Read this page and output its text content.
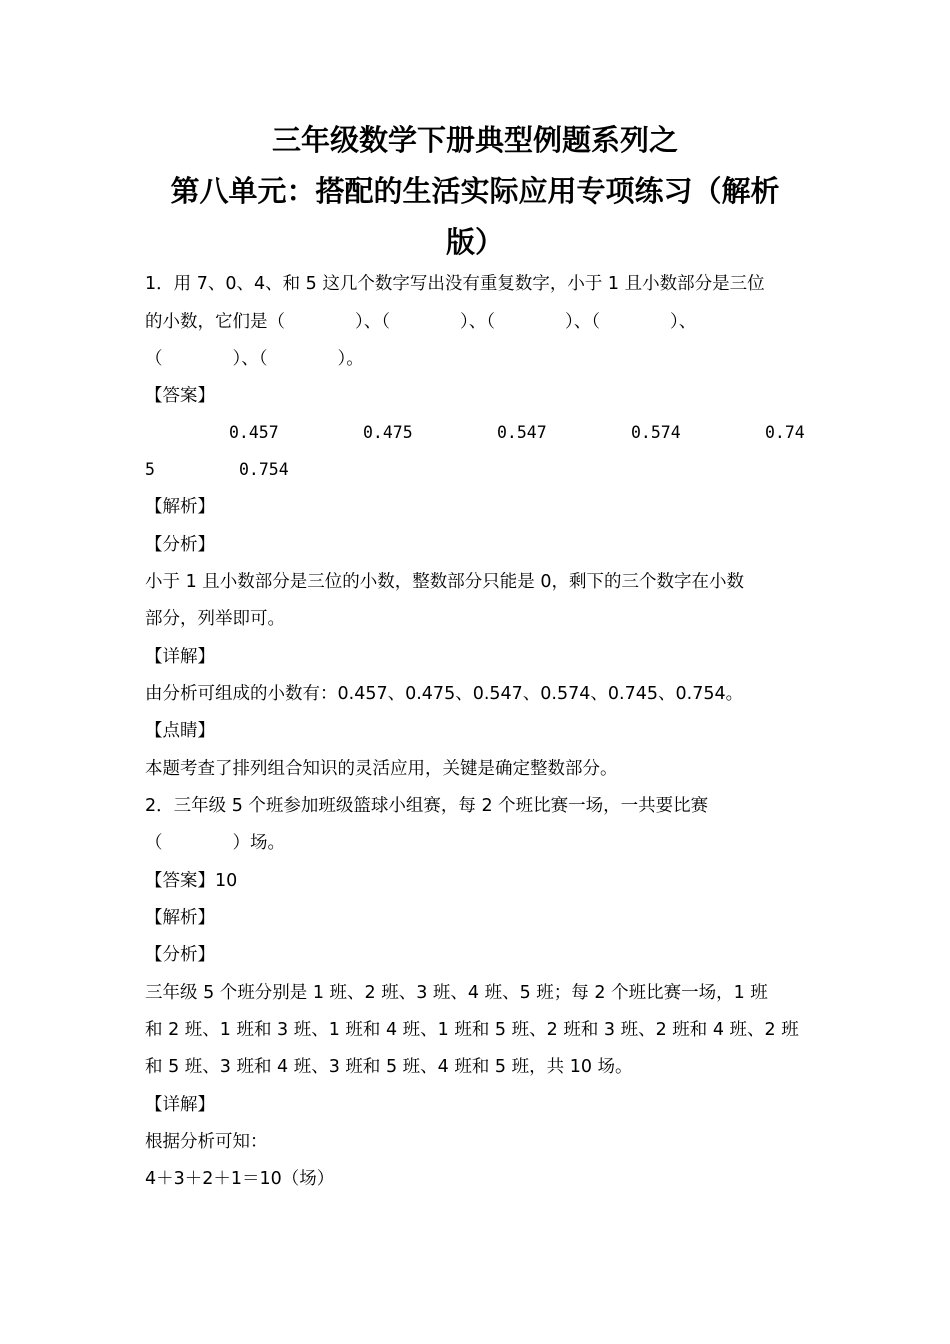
三年级数学下册典型例题系列之
第八单元：搭配的生活实际应用专项练习（解析
版）
1．用 7、0、4、和 5 这几个数字写出没有重复数字，小于 1 且小数部分是三位
的小数，它们是（　　　　）、（　　　　）、（　　　　）、（　　　　）、
（　　　　）、（　　　　）。
【答案】
0.457	0.475	0.547	0.574	0.74
5	0.754
【解析】
【分析】
小于 1 且小数部分是三位的小数，整数部分只能是 0，剩下的三个数字在小数
部分，列举即可。
【详解】
由分析可组成的小数有：0.457、0.475、0.547、0.574、0.745、0.754。
【点睛】
本题考查了排列组合知识的灵活应用，关键是确定整数部分。
2．三年级 5 个班参加班级篮球小组赛，每 2 个班比赛一场，一共要比赛
（　　　　）场。
【答案】10
【解析】
【分析】
三年级 5 个班分别是 1 班、2 班、3 班、4 班、5 班；每 2 个班比赛一场，1 班
和 2 班、1 班和 3 班、1 班和 4 班、1 班和 5 班、2 班和 3 班、2 班和 4 班、2 班
和 5 班、3 班和 4 班、3 班和 5 班、4 班和 5 班，共 10 场。
【详解】
根据分析可知：
4＋3＋2＋1＝10（场）
